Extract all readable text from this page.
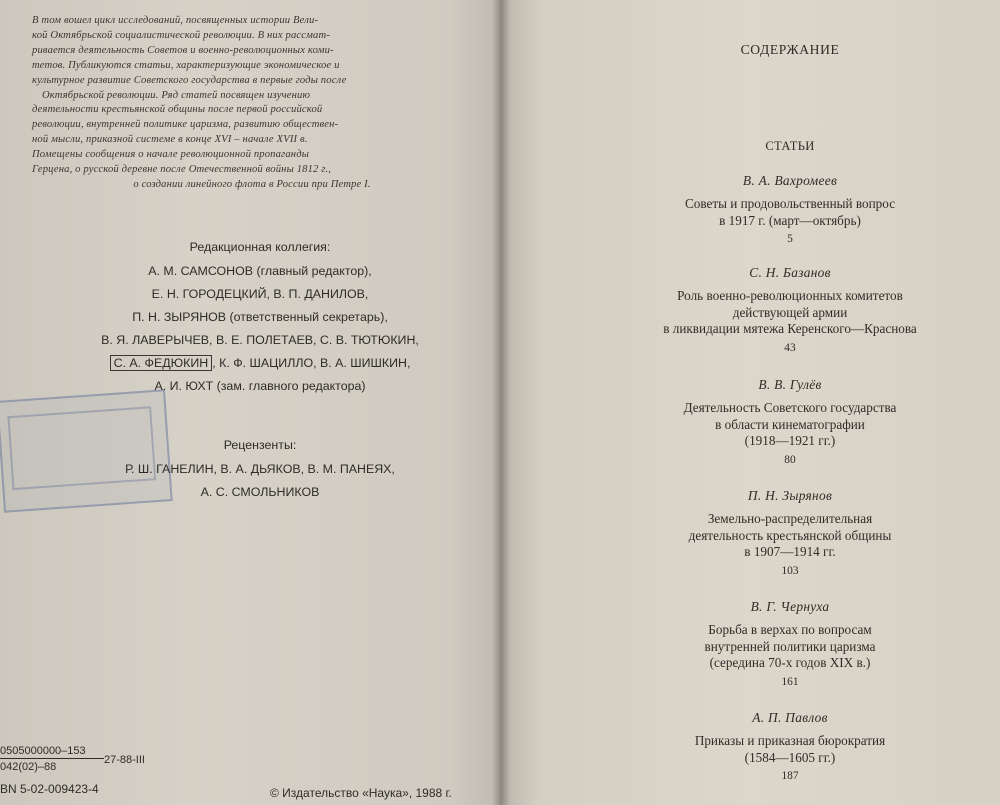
В том вошел цикл исследований, посвященных истории Вели-
кой Октябрьской социалистической революции. В них рассмат-
ривается деятельность Советов и военно-революционных коми-
тетов. Публикуются статьи, характеризующие экономическое и
культурное развитие Советского государства в первые годы после
Октябрьской революции. Ряд статей посвящен изучению
деятельности крестьянской общины после первой российской
революции, внутренней политике царизма, развитию обществен-
ной мысли, приказной системе в конце XVI – начале XVII в.
Помещены сообщения о начале революционной пропаганды
Герцена, о русской деревне после Отечественной войны 1812 г.,
о создании линейного флота в России при Петре I.
Редакционная коллегия:
А. М. САМСОНОВ (главный редактор),
Е. Н. ГОРОДЕЦКИЙ, В. П. ДАНИЛОВ,
П. Н. ЗЫРЯНОВ (ответственный секретарь),
В. Я. ЛАВЕРЫЧЕВ, В. Е. ПОЛЕТАЕВ, С. В. ТЮТЮКИН,
С. А. ФЕДЮКИН , К. Ф. ШАЦИЛЛО, В. А. ШИШКИН,
А. И. ЮХТ (зам. главного редактора)
Рецензенты:
Р. Ш. ГАНЕЛИН, В. А. ДЬЯКОВ, В. М. ПАНЕЯХ,
А. С. СМОЛЬНИКОВ
$\frac{0505000000-153}{042(02)-88} 27-88-III$
BN 5-02-009423-4	© Издательство «Наука», 1988 г.
СОДЕРЖАНИЕ
СТАТЬИ
В. А. Вахромеев
Советы и продовольственный вопрос
в 1917 г. (март—октябрь)
5
С. Н. Базанов
Роль военно-революционных комитетов
действующей армии
в ликвидации мятежа Керенского—Краснова
43
В. В. Гулёв
Деятельность Советского государства
в области кинематографии
(1918—1921 гг.)
80
П. Н. Зырянов
Земельно-распределительная
деятельность крестьянской общины
в 1907—1914 гг.
103
В. Г. Чернуха
Борьба в верхах по вопросам
внутренней политики царизма
(середина 70-х годов XIX в.)
161
А. П. Павлов
Приказы и приказная бюрократия
(1584—1605 гг.)
187
